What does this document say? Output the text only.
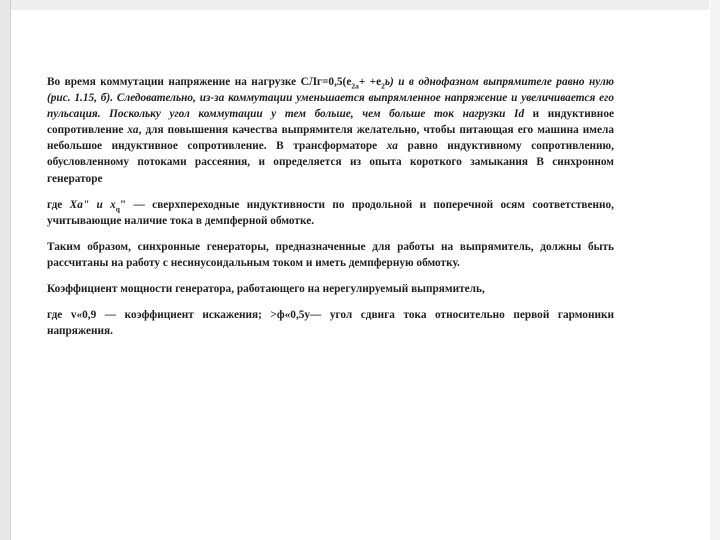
Во время коммутации напряжение на нагрузке $СЛг=0,5(е_{2а}+ +е_2ь)$ и в однофазном выпрямителе равно нулю (рис. 1.15, б). Следовательно, из-за коммутации уменьшается выпрямленное напряжение и увеличивается его пульсация. Поскольку угол коммутации у тем больше, чем больше ток нагрузки Id и индуктивное сопротивление ха, для повышения качества выпрямителя желательно, чтобы питающая его машина имела небольшое индуктивное сопротивление. В трансформаторе ха равно индуктивному сопротивлению, обусловленному потоками рассеяния, и определяется из опыта короткого замыкания В синхронном генераторе

где Ха" и $х_q$" — сверхпереходные индуктивности по продольной и поперечной осям соответственно, учитывающие наличие тока в демпферной обмотке.

Таким образом, синхронные генераторы, предназначенные для работы на выпрямитель, должны быть рассчитаны на работу с несинусоидальным током и иметь демпферную обмотку.

Коэффициент мощности генератора, работающего на нерегулируемый выпрямитель,

где v«0,9 — коэффициент искажения; >ф«0,5у— угол сдвига тока относительно первой гармоники напряжения.
